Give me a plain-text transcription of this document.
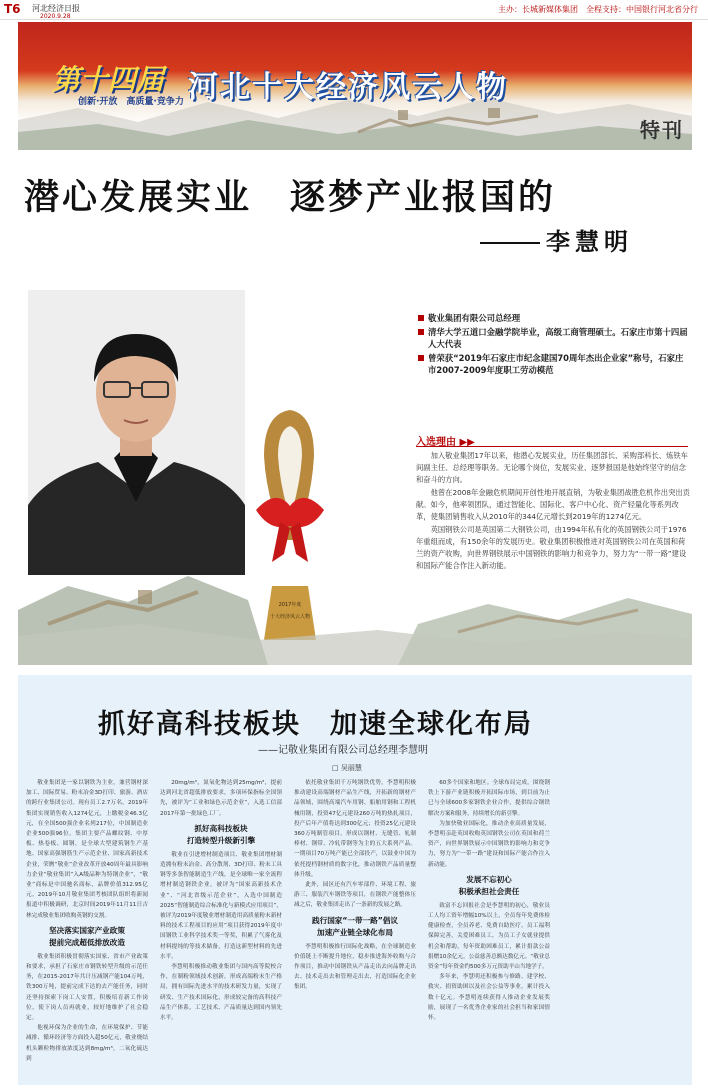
T6 河北经济日报
2020.9.28
主办：长城新媒体集团　全程支持：中国银行河北省分行
第十四届
创新·开放　高质量·竞争力 河北十大经济风云人物
特刊
潜心发展实业　逐梦产业报国的
李慧明
2017年度
十大经济风云人物
敬业集团有限公司总经理
清华大学五道口金融学院毕业，高级工商管理硕士。石家庄市第十四届人大代表
曾荣获“2019年石家庄市纪念建国70周年杰出企业家”称号，石家庄市2007-2009年度职工劳动模范
入选理由 ▶▶

加入敬业集团17年以来，他潜心发展实业，历任集团部长、采购部科长、炼铁车间副主任、总经理等职务。无论哪个岗位，发展实业、逐梦报国是他始终坚守的信念和奋斗的方向。

他曾在2008年金融危机期间开创性地开展直销，为敬业集团战胜危机作出突出贡献。如今，他率领团队，通过智能化、国际化、客户中心化、资产轻量化等系列改革，使集团销售收入从2010年的344亿元增长到2019年的1274亿元。

英国钢铁公司是英国第二大钢铁公司，由1994年私有化的英国钢铁公司于1976年重组而成，有150余年的发展历史。敬业集团积极推进对英国钢铁公司在英国和荷兰的资产收购，向世界钢铁展示中国钢铁的影响力和竞争力，努力为“一带一路”建设和国际产能合作注入新动能。

抓好高科技板块　加速全球化布局
——记敬业集团有限公司总经理李慧明
□ 吴丽慧

敬业集团是一家以钢铁为主业，兼营钢材深加工、国际贸易、粉末冶金3D打印、旅游、酒店的跨行业集团公司。现有员工2.7万名，2019年集团实现销售收入1274亿元，上缴税金46.3亿元，在全国500强企业名列217位，中国制造业企业500强96位。集团主要产品螺纹钢、中厚板、热卷板、圆钢，是全球大型建筑钢生产基地、国家高强钢筋生产示范企业、国家高新技术企业，荣膺“敬业”企业改革开放40周年最具影响力企业“敬业集团”入A级品种为特钢企业“，“敬业”商标是中国驰名商标，品牌价值312.95亿元。2019年10月敬业集团考核团队组织将新闻报道中积极调研，北京时间2019年11月11日吉林完成敬业集团收购英钢的交割。

坚决落实国家产业政策
提前完成超低排放改造

敬业集团积极贯彻落实国家、省市产业政策和要求，承担了石家庄市钢铁转型升级的示范任务，在2015-2017年共计压减钢产能104万吨，铁300万吨，提前完成下达的去产能任务，同时还坚持探索下岗工人安置，积极培育新工作岗位，使下岗人员再就业，较好地维护了社会稳定。

他视环保为企业的生命，在环境保护、节能减排、循环经济等方面投入超50亿元，敬业烧结机头颗粒物排放浓度达到8mg/m³，二氧化硫达到

20mg/m³，氮氧化物达到25mg/m³，提前达到河北省超低排放要求，多项环保指标全国领先，被评为“工业和绿色示范企业”，入选工信部2017年第一批绿色工厂。

抓好高科技板块
打造转型升级新引擎

敬业在引进增材制造项目、敬业集团增材制造拥有粉末冶金、高分散剂、3D打印、粉末工具钢等多条智能制造生产线，是全球唯一家全流程增材制造钢铁企业，被评为“国家高新技术企业”、“河北省级示范企业”，入选中国制造2025“智能制造综合标准化与新模式应用项目”，被评为2019年度敬业增材制造用高质量粉末新材料的技术工程项目的应用”项目获得2019年度中国钢铁工业科学技术奖一等奖，积累了气雾化及材料提纯的等技术储备，打造这新型材料的先进水平。

李慧明积极推动敬业集团与国内高等院校合作，在制粉领域技术创新，形成高端粉末生产格局，拥有国际先进水平的技术研发力量，实现了研发、生产技术国际化，形成较完备的高科技产品生产体系，工艺技术、产品质量达到国内领先水平。

依托敬业集团千万吨钢铁优势，李慧明积极推动建设高端钢材产品生产线，开拓新的钢材产品领域，围绕高端汽车用钢、船舶用钢和工程机械用钢，投资47亿元建设260万吨的热轧项目，投产后年产值将达到300亿元；投资25亿元建设360万吨制管项目，形成以钢材、无缝管、轧制棒材、钢带、冷轧带钢等为主的五大系列产品。一期项目70万吨产能已全部投产，以鼓业中国为依托提档钢材质的数字化，推动钢铁产品质量整体升级。

此外，园区还有汽车零部件、环境工程、旅游三、服装汽车钢铁等项目，在钢铁产能整体压减之后，敬业集团走出了一条新的发展之路。

践行国家“一带一路”倡议
加速产业链全球化布局

李慧明积极推行国际化战略，在全球制造业价值链上不断提升地位，稳步推进海外收购与合作项目，推动中国钢铁从产品走出去向品牌走出去、技术走出去和管理走出去，打造国际化企业集团。

60多个国家和地区。全球布局完成，围绕钢铁上下游产业链积极开拓国际市场，到目前为止已与全球600多家钢铁企业合作，提供综合钢铁解决方案和服务，持续增长的新引擎。

为加快敬业国际化，推动企业高质量发展，李慧明亲赴英国收购英国钢铁公司在英国和荷兰资产，向世界钢铁展示中国钢铁的影响力和竞争力，努力为“一带一路”建设和国际产能合作注入新动能。

发展不忘初心
积极承担社会责任

致富不忘回报社会是李慧明的初心，敬业员工人均工资年增幅10%以上，全员每年免费体检健康检查，全员养老、免费自助医疗，员工福利保障完善，关爱困难员工，为员工子女就业提供机会和帮助，每年资助困难员工，累计捐款公益捐赠10余亿元，公益慈善总额达数亿元。“敬业总资金”每年资金约500多万元资助平山当地学子。

多年来，李慧明还积极参与修路、建学校、救灾、捐资助困以及社会公益等事业，累计投入数十亿元。李慧明连续获得人推动企业发展奖励，展现了一名优秀企业家的社会担当和家国情怀。
